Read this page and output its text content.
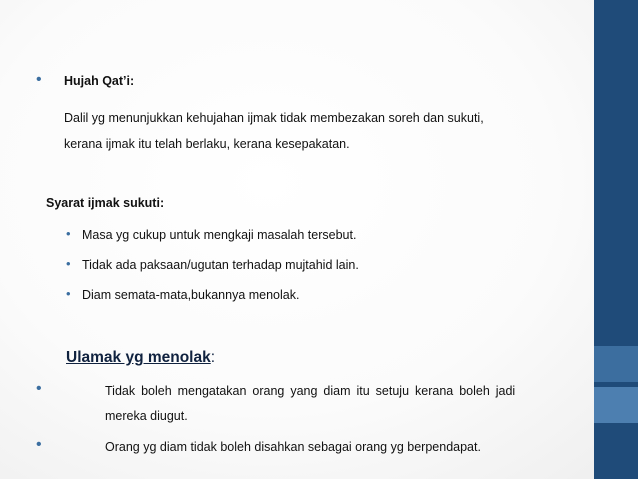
• Hujah Qat’i:
Dalil yg menunjukkan kehujahan ijmak tidak membezakan soreh dan sukuti,
kerana ijmak itu telah berlaku, kerana kesepakatan.
Syarat ijmak sukuti:
• Masa yg cukup untuk mengkaji masalah tersebut.
• Tidak ada paksaan/ugutan terhadap mujtahid lain.
• Diam semata-mata,bukannya menolak.
Ulamak yg menolak:
•	Tidak boleh mengatakan orang yang diam itu setuju kerana boleh jadi
mereka diugut.
•	Orang yg diam tidak boleh disahkan sebagai orang yg berpendapat.
